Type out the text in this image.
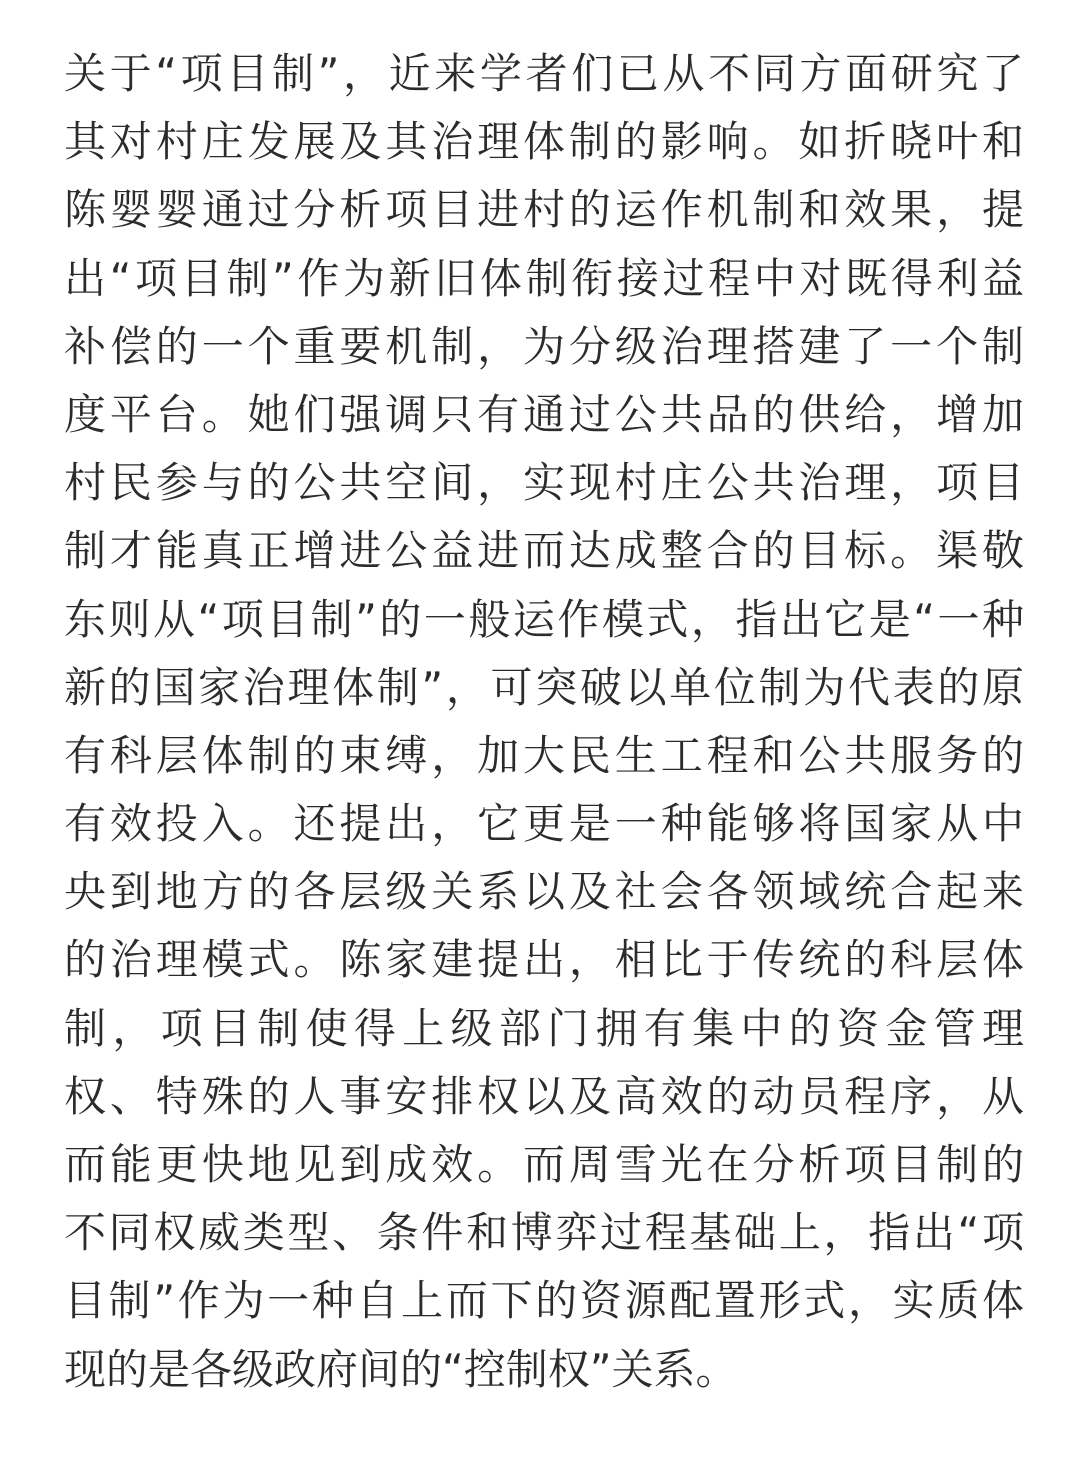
关于“项目制”，近来学者们已从不同方面研究了
其对村庄发展及其治理体制的影响。如折晓叶和
陈婴婴通过分析项目进村的运作机制和效果，提
出“项目制”作为新旧体制衔接过程中对既得利益
补偿的一个重要机制，为分级治理搭建了一个制
度平台。她们强调只有通过公共品的供给，增加
村民参与的公共空间，实现村庄公共治理，项目
制才能真正增进公益进而达成整合的目标。渠敬
东则从“项目制”的一般运作模式，指出它是“一种
新的国家治理体制”，可突破以单位制为代表的原
有科层体制的束缚，加大民生工程和公共服务的
有效投入。还提出，它更是一种能够将国家从中
央到地方的各层级关系以及社会各领域统合起来
的治理模式。陈家建提出，相比于传统的科层体
制，项目制使得上级部门拥有集中的资金管理
权、特殊的人事安排权以及高效的动员程序，从
而能更快地见到成效。而周雪光在分析项目制的
不同权威类型、条件和博弈过程基础上，指出“项
目制”作为一种自上而下的资源配置形式，实质体
现的是各级政府间的“控制权”关系。
